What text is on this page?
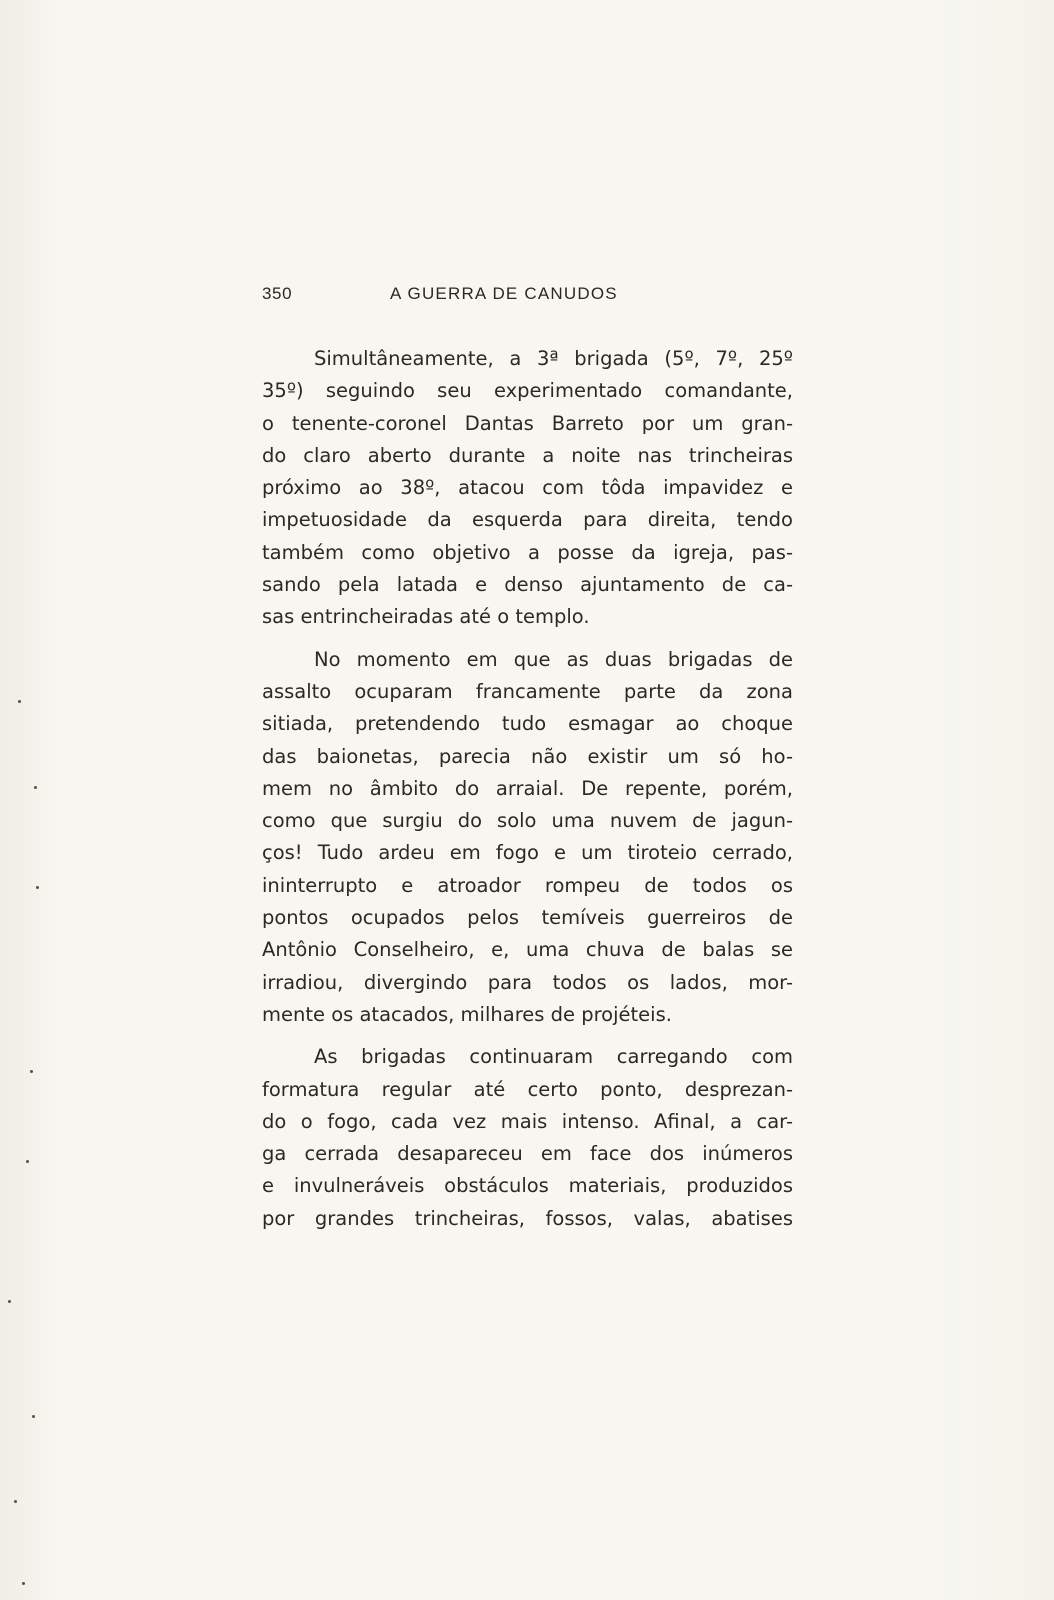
350	A GUERRA DE CANUDOS
Simultâneamente, a 3ª brigada (5º, 7º, 25º
35º) seguindo seu experimentado comandante,
o tenente-coronel Dantas Barreto por um gran-
do claro aberto durante a noite nas trincheiras
próximo ao 38º, atacou com tôda impavidez e
impetuosidade da esquerda para direita, tendo
também como objetivo a posse da igreja, pas-
sando pela latada e denso ajuntamento de ca-
sas entrincheiradas até o templo.
No momento em que as duas brigadas de
assalto ocuparam francamente parte da zona
sitiada, pretendendo tudo esmagar ao choque
das baionetas, parecia não existir um só ho-
mem no âmbito do arraial. De repente, porém,
como que surgiu do solo uma nuvem de jagun-
ços! Tudo ardeu em fogo e um tiroteio cerrado,
ininterrupto e atroador rompeu de todos os
pontos ocupados pelos temíveis guerreiros de
Antônio Conselheiro, e, uma chuva de balas se
irradiou, divergindo para todos os lados, mor-
mente os atacados, milhares de projéteis.
As brigadas continuaram carregando com
formatura regular até certo ponto, desprezan-
do o fogo, cada vez mais intenso. Afinal, a car-
ga cerrada desapareceu em face dos inúmeros
e invulneráveis obstáculos materiais, produzidos
por grandes trincheiras, fossos, valas, abatises
